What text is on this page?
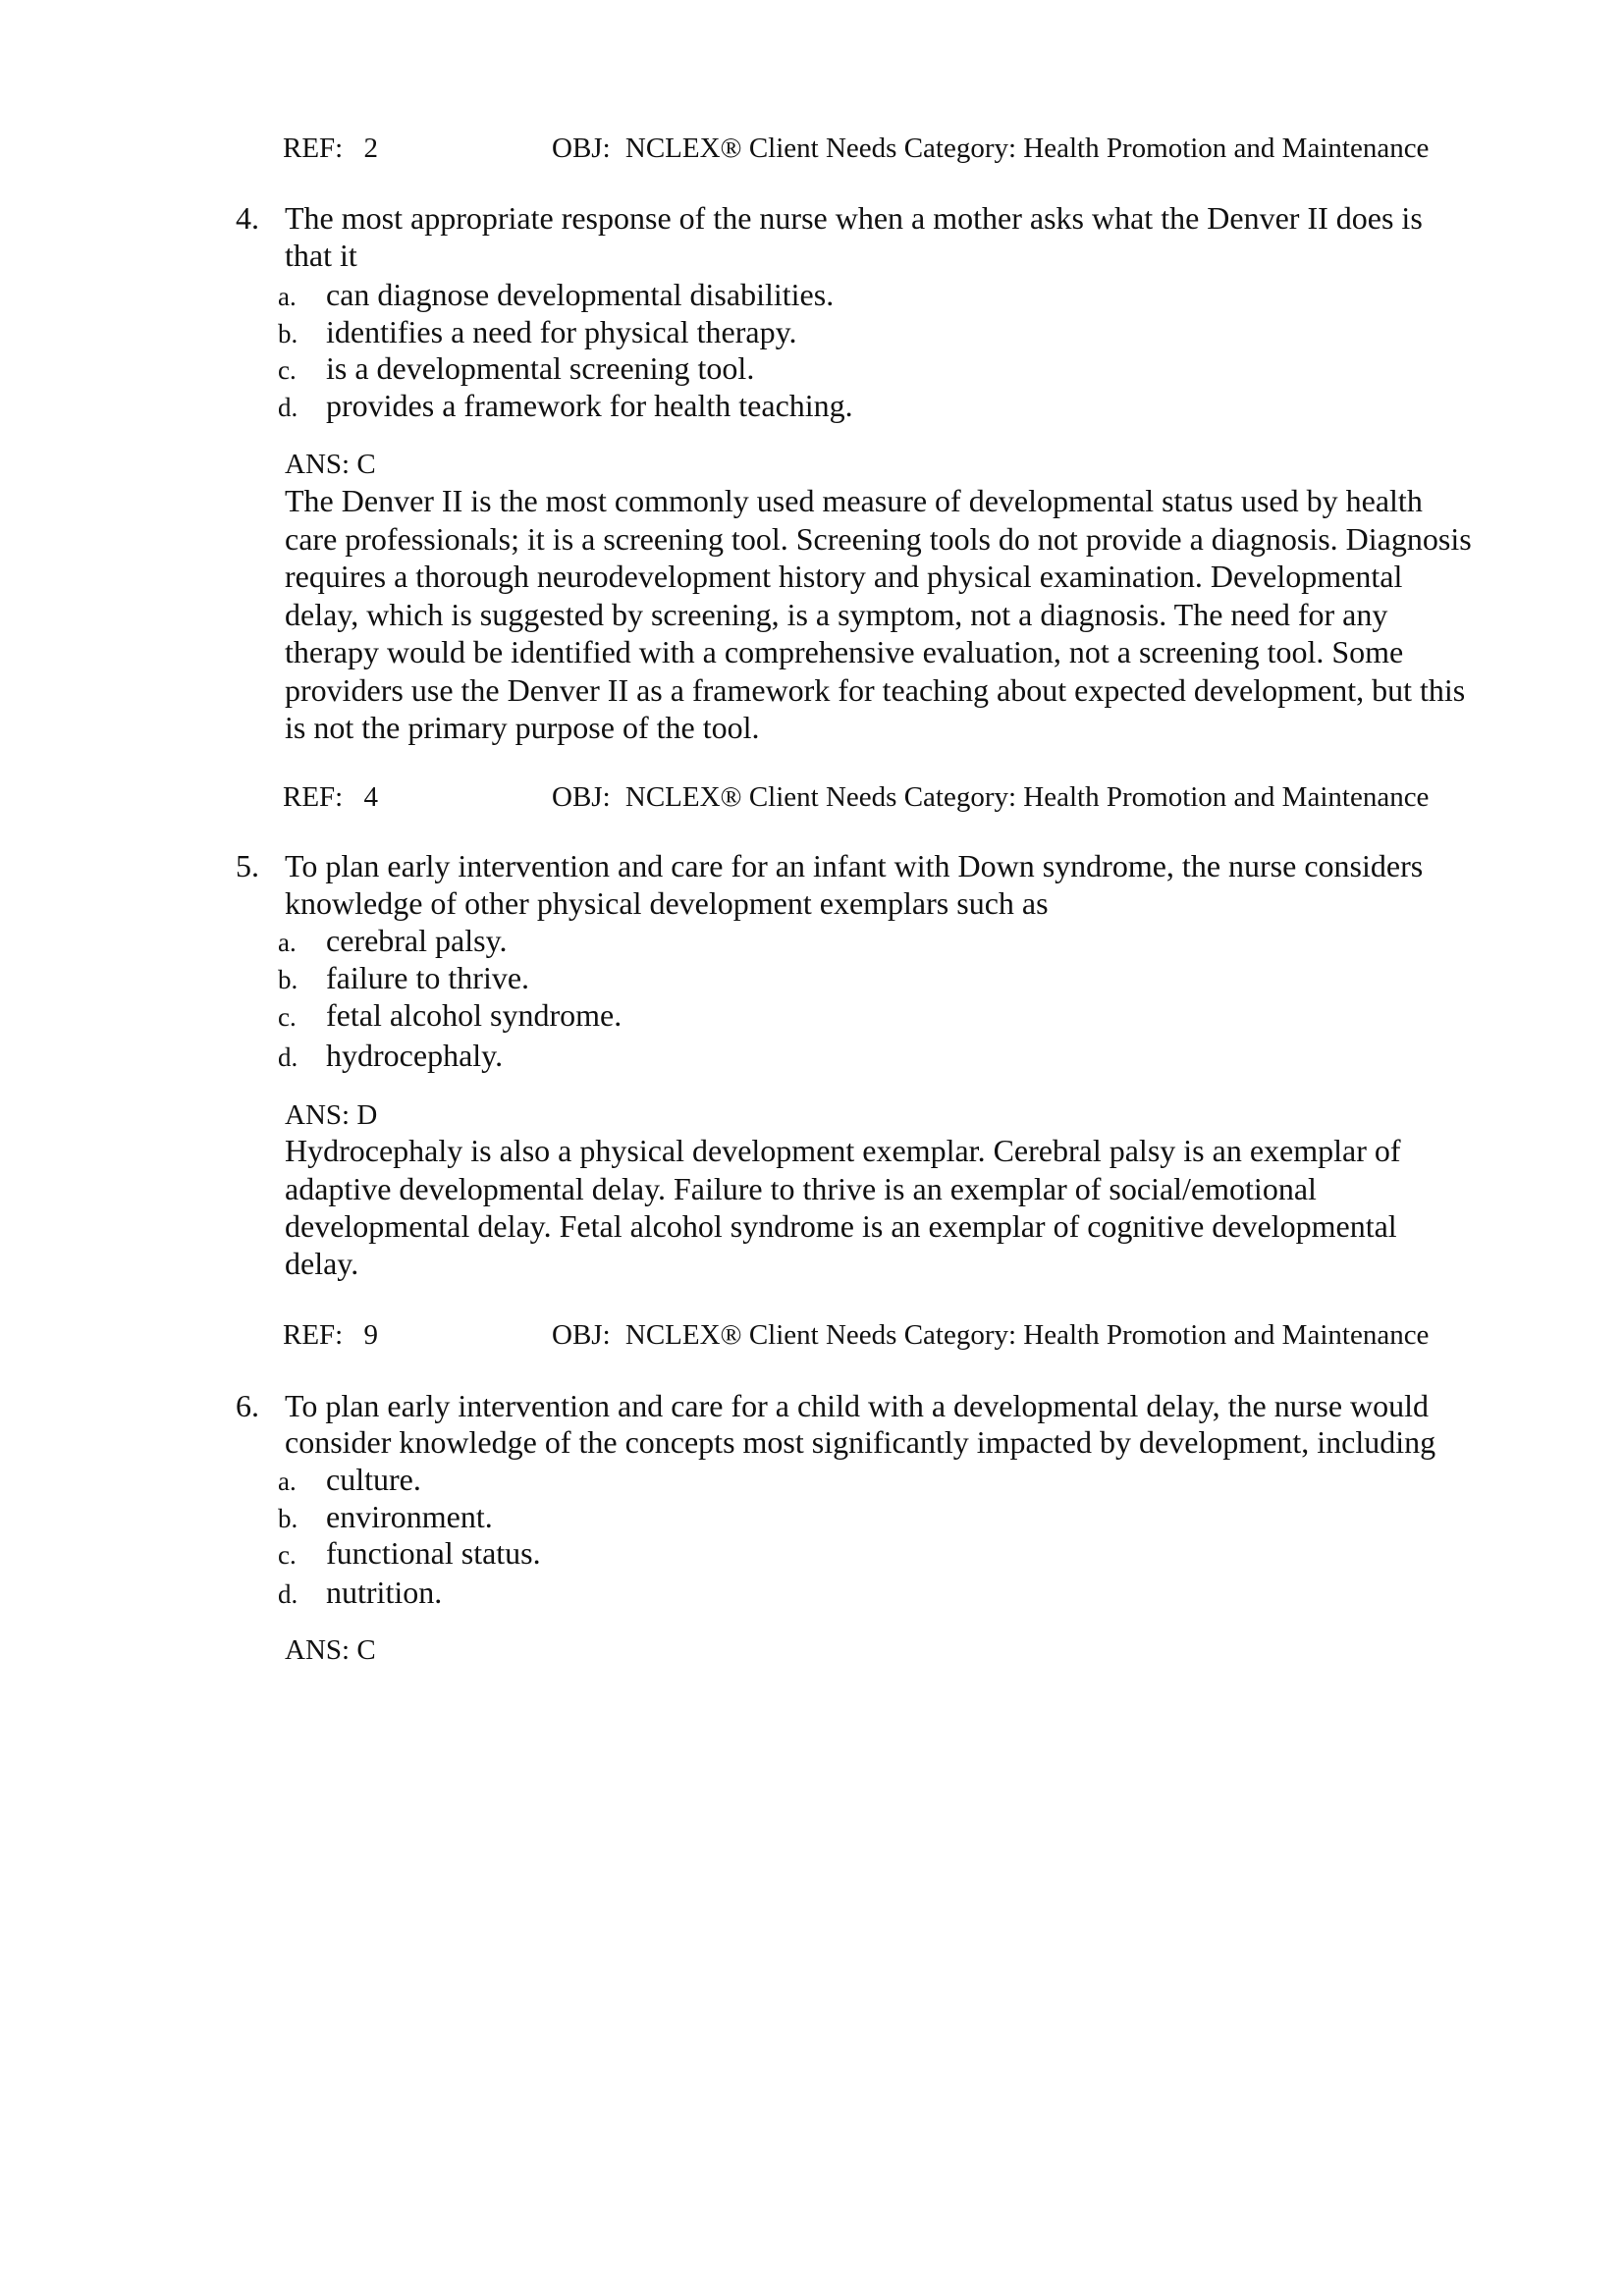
REF: 2	OBJ: NCLEX® Client Needs Category: Health Promotion and Maintenance
4. The most appropriate response of the nurse when a mother asks what the Denver II does is
that it
a. can diagnose developmental disabilities.
b. identifies a need for physical therapy.
c. is a developmental screening tool.
d. provides a framework for health teaching.
ANS: C
The Denver II is the most commonly used measure of developmental status used by health
care professionals; it is a screening tool. Screening tools do not provide a diagnosis. Diagnosis
requires a thorough neurodevelopment history and physical examination. Developmental
delay, which is suggested by screening, is a symptom, not a diagnosis. The need for any
therapy would be identified with a comprehensive evaluation, not a screening tool. Some
providers use the Denver II as a framework for teaching about expected development, but this
is not the primary purpose of the tool.
REF: 4	OBJ: NCLEX® Client Needs Category: Health Promotion and Maintenance
5. To plan early intervention and care for an infant with Down syndrome, the nurse considers
knowledge of other physical development exemplars such as
a. cerebral palsy.
b. failure to thrive.
c. fetal alcohol syndrome.
d. hydrocephaly.
ANS: D
Hydrocephaly is also a physical development exemplar. Cerebral palsy is an exemplar of
adaptive developmental delay. Failure to thrive is an exemplar of social/emotional
developmental delay. Fetal alcohol syndrome is an exemplar of cognitive developmental
delay.
REF: 9	OBJ: NCLEX® Client Needs Category: Health Promotion and Maintenance
6. To plan early intervention and care for a child with a developmental delay, the nurse would
consider knowledge of the concepts most significantly impacted by development, including
a. culture.
b. environment.
c. functional status.
d. nutrition.
ANS: C
